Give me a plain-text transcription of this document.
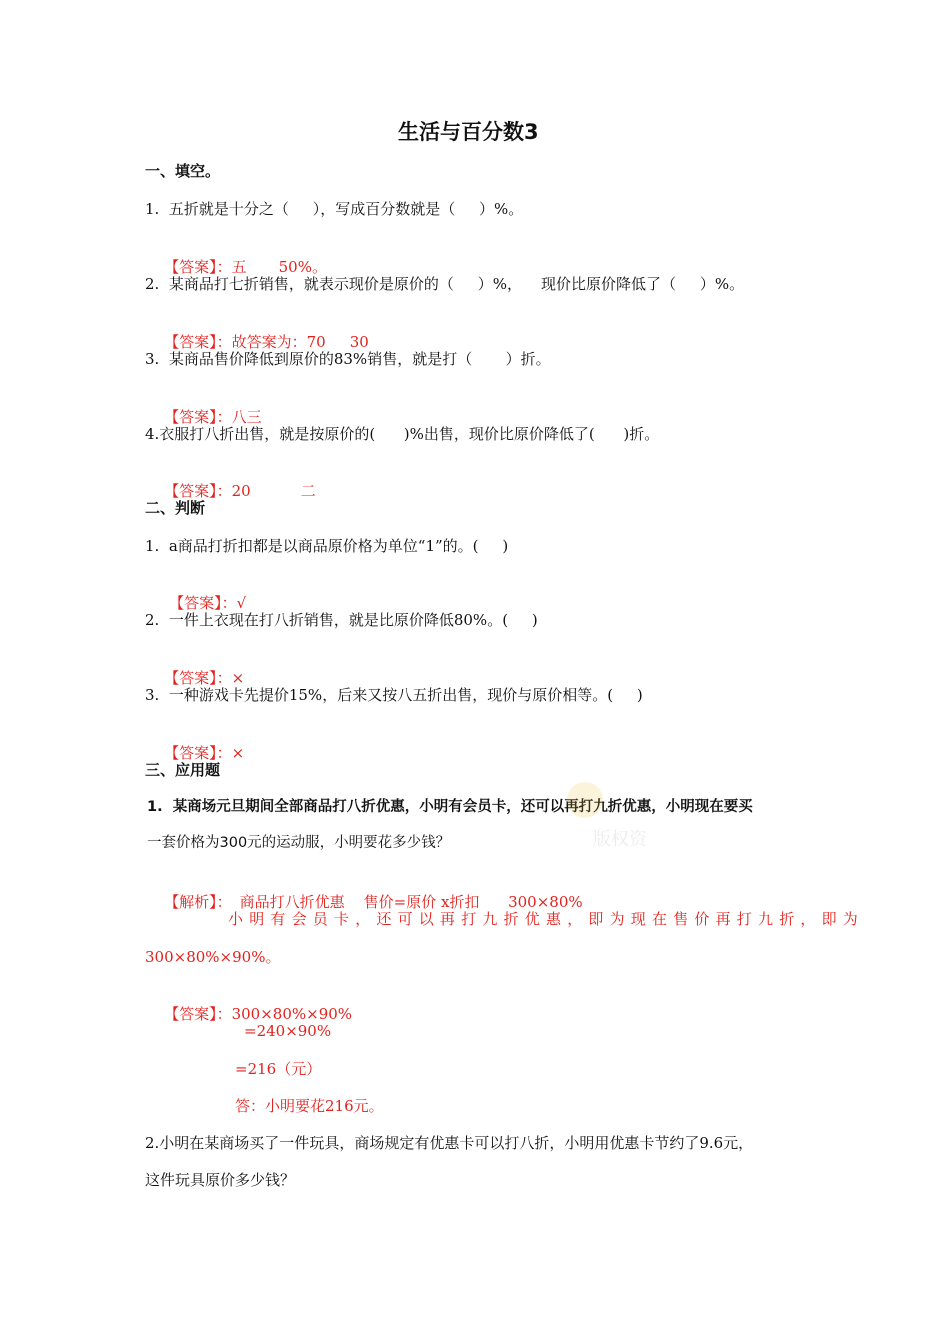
生活与百分数3
一、填空。
1.  五折就是十分之（     ），写成百分数就是（     ）%。

【答案】：五 50%。

2.  某商品打七折销售，就表示现价是原价的（     ）%，    现价比原价降低了（     ）%。

【答案】：故答案为：70 30

3.  某商品售价降低到原价的83%销售，就是打（       ）折。

【答案】：八三

4.衣服打八折出售，就是按原价的(      )%出售，现价比原价降低了(      )折。

【答案】：20	二

二、判断
1.  a商品打折扣都是以商品原价格为单位“1”的。(     )

【答案】：√

2.  一件上衣现在打八折销售，就是比原价降低80%。(     )

【答案】：×

3.  一种游戏卡先提价15%，后来又按八五折出售，现价与原价相等。(     )

【答案】：×

三、应用题
1.  某商场元旦期间全部商品打八折优惠，小明有会员卡，还可以再打九折优惠，小明现在要买
一套价格为300元的运动服，小明要花多少钱？

【解析】： 商品打八折优惠    售价=原价 x折扣      300×80%

小明有会员卡，还可以再打九折优惠，即为现在售价再打九折，即为
300×80%×90%。

【答案】：300×80%×90%

=240×90%
=216（元）
答：小明要花216元。
2.小明在某商场买了一件玩具，商场规定有优惠卡可以打八折，小明用优惠卡节约了9.6元，
这件玩具原价多少钱？
版权资
